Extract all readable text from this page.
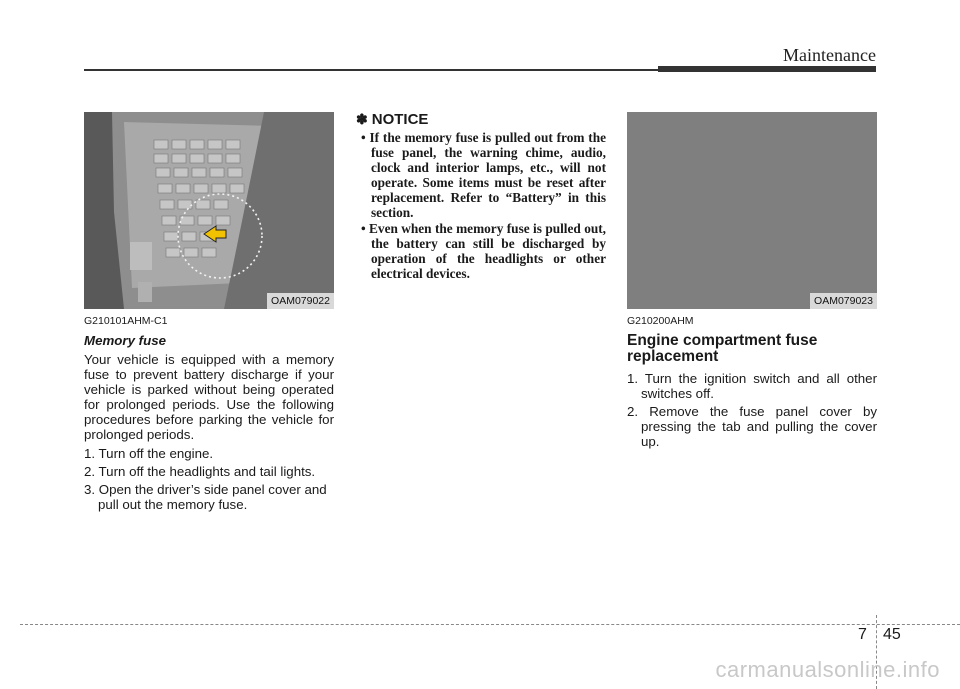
Maintenance
OAM079022	OAM079023
G210101AHM-C1
Memory fuse
Your vehicle is equipped with a memory fuse to prevent battery discharge if your vehicle is parked without being operated for prolonged periods. Use the following procedures before parking the vehicle for prolonged periods.
1. Turn off the engine.
2. Turn off the headlights and tail lights.
3. Open the driver’s side panel cover and pull out the memory fuse.
✽ NOTICE
• If the memory fuse is pulled out from the fuse panel, the warning chime, audio, clock and interior lamps, etc., will not operate. Some items must be reset after replacement. Refer to “Battery” in this section.
• Even when the memory fuse is pulled out, the battery can still be discharged by operation of the headlights or other electrical devices.
G210200AHM
Engine compartment fuse replacement
1. Turn the ignition switch and all other switches off.
2. Remove the fuse panel cover by pressing the tab and pulling the cover up.
7 45
carmanualsonline.info
